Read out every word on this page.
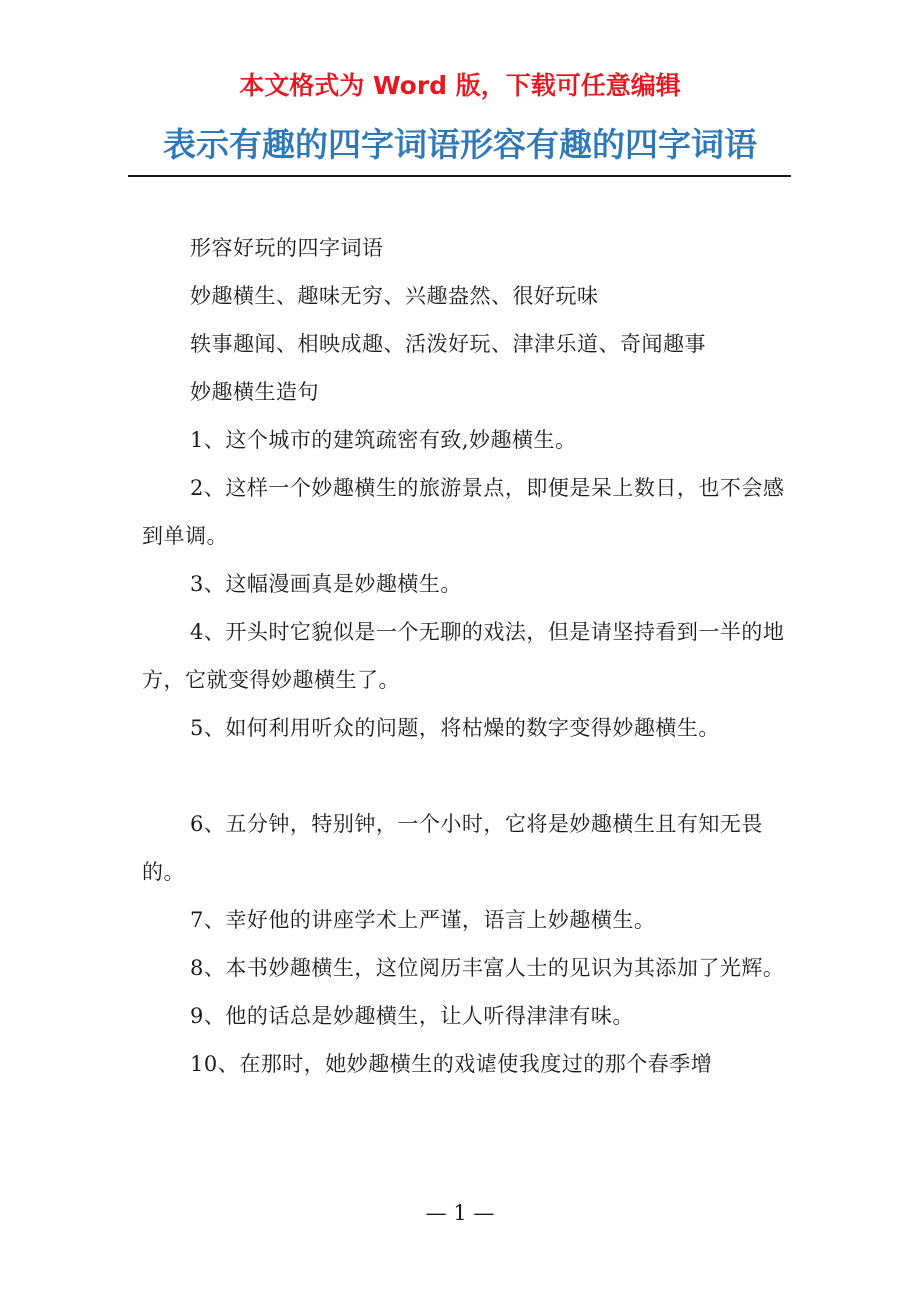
本文格式为 Word 版，下载可任意编辑
表示有趣的四字词语形容有趣的四字词语

形容好玩的四字词语

妙趣横生、趣味无穷、兴趣盎然、很好玩味

轶事趣闻、相映成趣、活泼好玩、津津乐道、奇闻趣事

妙趣横生造句

1、这个城市的建筑疏密有致,妙趣横生。

2、这样一个妙趣横生的旅游景点，即便是呆上数日，也不会感到单调。

3、这幅漫画真是妙趣横生。

4、开头时它貌似是一个无聊的戏法，但是请坚持看到一半的地方，它就变得妙趣横生了。

5、如何利用听众的问题，将枯燥的数字变得妙趣横生。

6、五分钟，特别钟，一个小时，它将是妙趣横生且有知无畏的。

7、幸好他的讲座学术上严谨，语言上妙趣横生。

8、本书妙趣横生，这位阅历丰富人士的见识为其添加了光辉。

9、他的话总是妙趣横生，让人听得津津有味。

10、在那时，她妙趣横生的戏谑使我度过的那个春季增

— 1 —
